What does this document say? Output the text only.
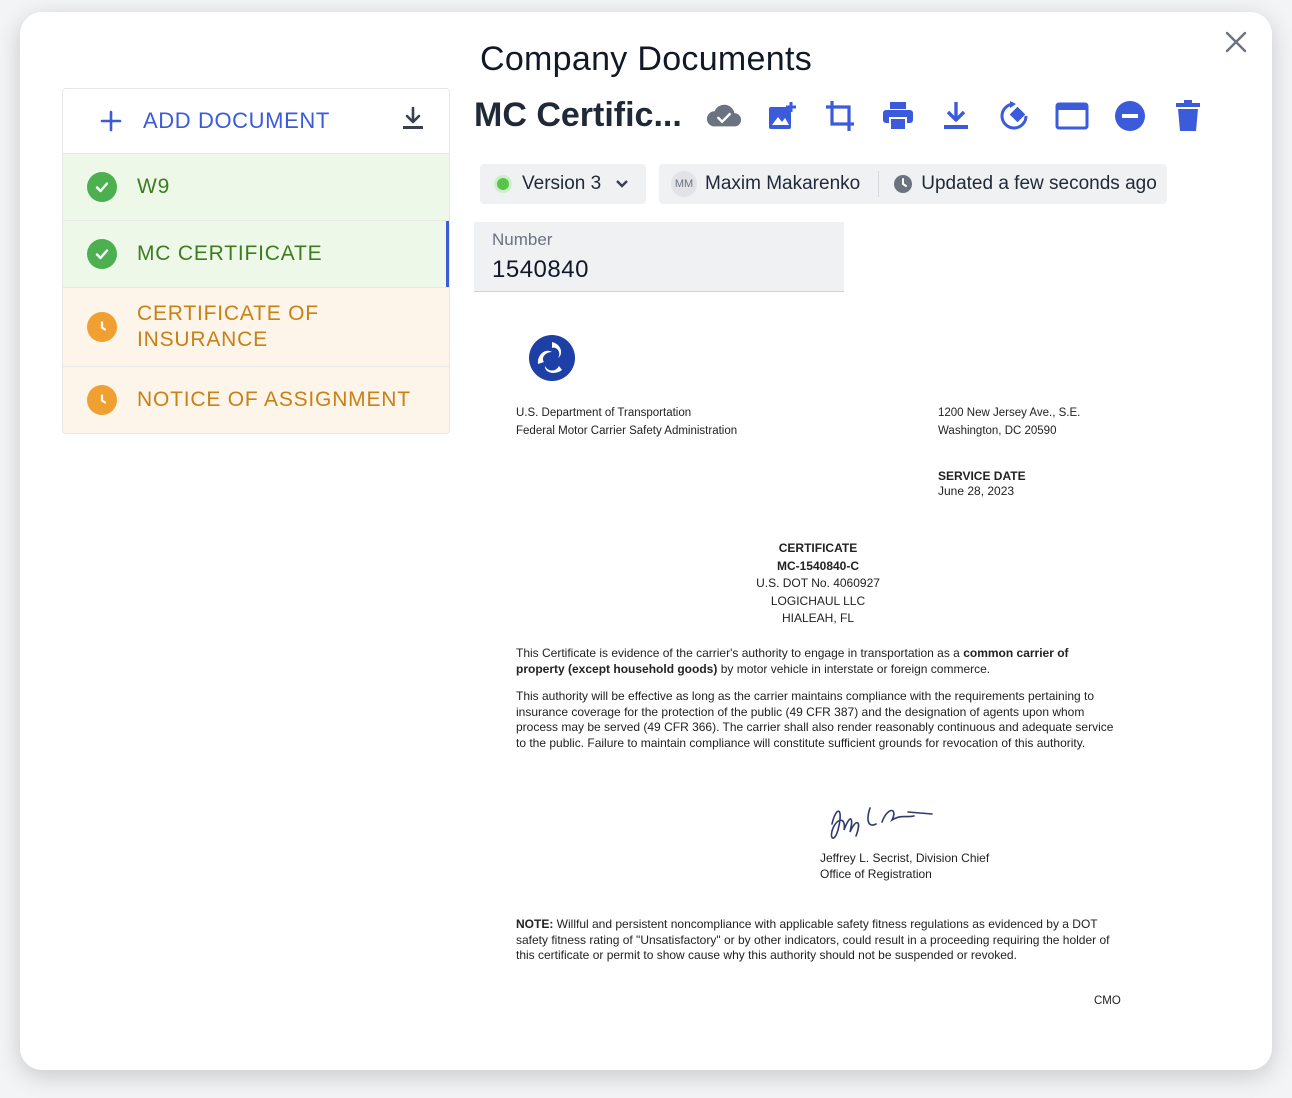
Company Documents
ADD DOCUMENT
W9
MC CERTIFICATE
CERTIFICATE OF INSURANCE
NOTICE OF ASSIGNMENT
MC Certific...
Version 3	MM Maxim Makarenko	Updated a few seconds ago
Number
1540840
U.S. Department of Transportation
Federal Motor Carrier Safety Administration
1200 New Jersey Ave., S.E.
Washington, DC 20590
SERVICE DATE
June 28, 2023
CERTIFICATE
MC-1540840-C
U.S. DOT No. 4060927
LOGICHAUL LLC
HIALEAH, FL

This Certificate is evidence of the carrier's authority to engage in transportation as a common carrier of property (except household goods) by motor vehicle in interstate or foreign commerce.

This authority will be effective as long as the carrier maintains compliance with the requirements pertaining to insurance coverage for the protection of the public (49 CFR 387) and the designation of agents upon whom process may be served (49 CFR 366). The carrier shall also render reasonably continuous and adequate service to the public. Failure to maintain compliance will constitute sufficient grounds for revocation of this authority.

Jeffrey L. Secrist, Division Chief
Office of Registration

NOTE: Willful and persistent noncompliance with applicable safety fitness regulations as evidenced by a DOT safety fitness rating of "Unsatisfactory" or by other indicators, could result in a proceeding requiring the holder of this certificate or permit to show cause why this authority should not be suspended or revoked.

CMO
